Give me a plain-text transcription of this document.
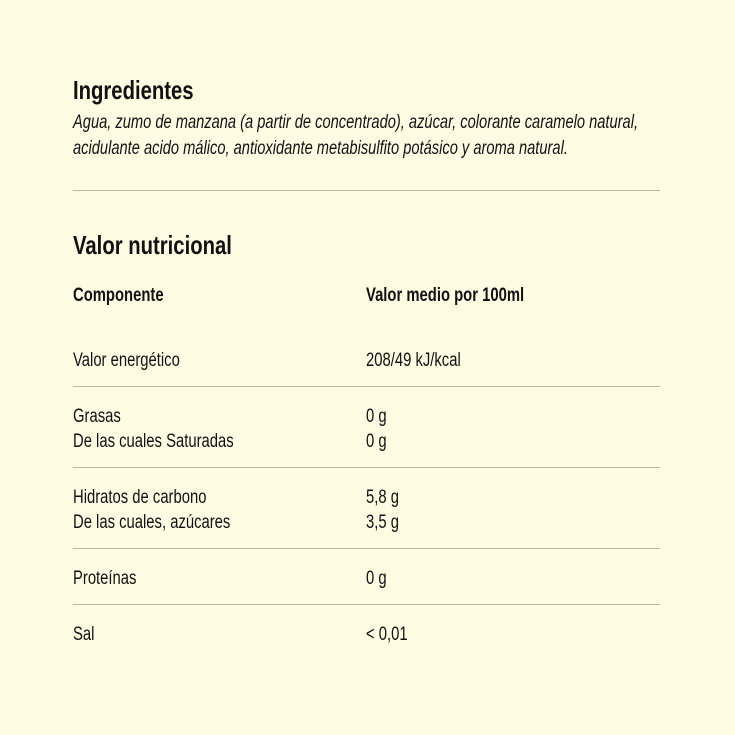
Ingredientes
Agua, zumo de manzana (a partir de concentrado), azúcar, colorante caramelo natural, acidulante acido málico, antioxidante metabisulfito potásico y aroma natural.
Valor nutricional
Componente	Valor medio por 100ml
Valor energético	208/49 kJ/kcal
Grasas	0 g
De las cuales Saturadas	0 g
Hidratos de carbono	5,8 g
De las cuales, azúcares	3,5 g
Proteínas	0 g
Sal	< 0,01
